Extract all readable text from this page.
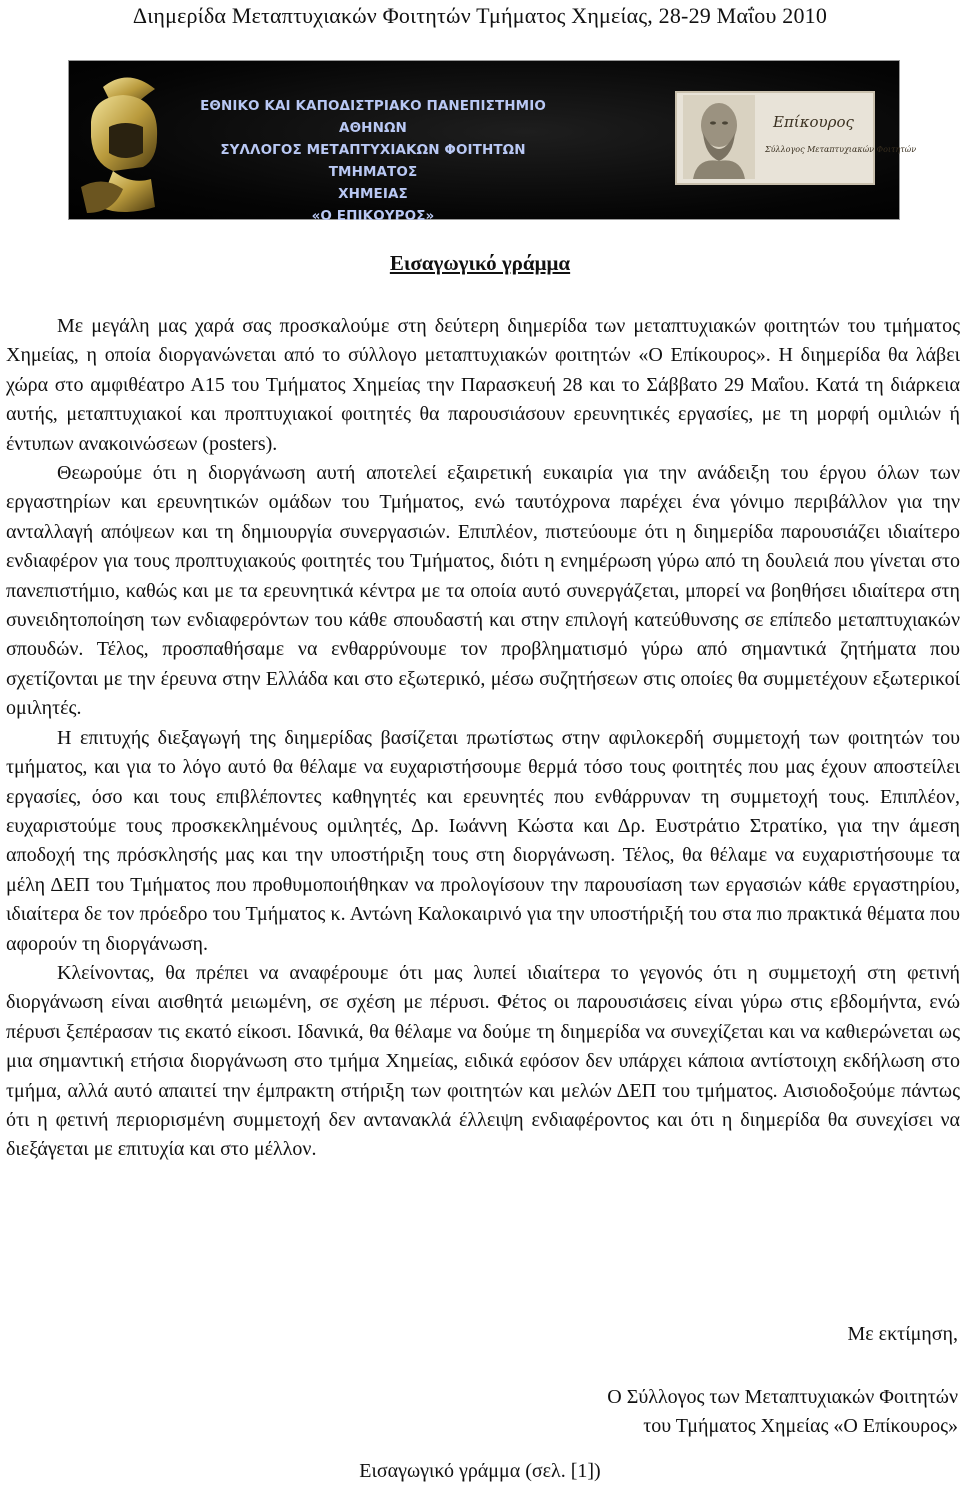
Διημερίδα Μεταπτυχιακών Φοιτητών Τμήματος Χημείας, 28-29 Μαΐου 2010
ΕΘΝΙΚΟ ΚΑΙ ΚΑΠΟΔΙΣΤΡΙΑΚΟ ΠΑΝΕΠΙΣΤΗΜΙΟ ΑΘΗΝΩΝ
ΣΥΛΛΟΓΟΣ ΜΕΤΑΠΤΥΧΙΑΚΩΝ ΦΟΙΤΗΤΩΝ ΤΜΗΜΑΤΟΣ
ΧΗΜΕΙΑΣ
«Ο ΕΠΙΚΟΥΡΟΣ»
Επίκουρος
Σύλλογος Μεταπτυχιακών Φοιτητών
Εισαγωγικό γράμμα

Με μεγάλη μας χαρά σας προσκαλούμε στη δεύτερη διημερίδα των μεταπτυχιακών φοιτητών του τμήματος Χημείας, η οποία διοργανώνεται από το σύλλογο μεταπτυχιακών φοιτητών «Ο Επίκουρος». Η διημερίδα θα λάβει χώρα στο αμφιθέατρο Α15 του Τμήματος Χημείας την Παρασκευή 28 και το Σάββατο 29 Μαΐου. Κατά τη διάρκεια αυτής, μεταπτυχιακοί και προπτυχιακοί φοιτητές θα παρουσιάσουν ερευνητικές εργασίες, με τη μορφή ομιλιών ή έντυπων ανακοινώσεων (posters).

Θεωρούμε ότι η διοργάνωση αυτή αποτελεί εξαιρετική ευκαιρία για την ανάδειξη του έργου όλων των εργαστηρίων και ερευνητικών ομάδων του Τμήματος, ενώ ταυτόχρονα παρέχει ένα γόνιμο περιβάλλον για την ανταλλαγή απόψεων και τη δημιουργία συνεργασιών. Επιπλέον, πιστεύουμε ότι η διημερίδα παρουσιάζει ιδιαίτερο ενδιαφέρον για τους προπτυχιακούς φοιτητές του Τμήματος, διότι η ενημέρωση γύρω από τη δουλειά που γίνεται στο πανεπιστήμιο, καθώς και με τα ερευνητικά κέντρα με τα οποία αυτό συνεργάζεται, μπορεί να βοηθήσει ιδιαίτερα στη συνειδητοποίηση των ενδιαφερόντων του κάθε σπουδαστή και στην επιλογή κατεύθυνσης σε επίπεδο μεταπτυχιακών σπουδών. Τέλος, προσπαθήσαμε να ενθαρρύνουμε τον προβληματισμό γύρω από σημαντικά ζητήματα που σχετίζονται με την έρευνα στην Ελλάδα και στο εξωτερικό, μέσω συζητήσεων στις οποίες θα συμμετέχουν εξωτερικοί ομιλητές.

Η επιτυχής διεξαγωγή της διημερίδας βασίζεται πρωτίστως στην αφιλοκερδή συμμετοχή των φοιτητών του τμήματος, και για το λόγο αυτό θα θέλαμε να ευχαριστήσουμε θερμά τόσο τους φοιτητές που μας έχουν αποστείλει εργασίες, όσο και τους επιβλέποντες καθηγητές και ερευνητές που ενθάρρυναν τη συμμετοχή τους. Επιπλέον, ευχαριστούμε τους προσκεκλημένους ομιλητές, Δρ. Ιωάννη Κώστα και Δρ. Ευστράτιο Στρατίκο, για την άμεση αποδοχή της πρόσκλησής μας και την υποστήριξη τους στη διοργάνωση. Τέλος, θα θέλαμε να ευχαριστήσουμε τα μέλη ΔΕΠ του Τμήματος που προθυμοποιήθηκαν να προλογίσουν την παρουσίαση των εργασιών κάθε εργαστηρίου, ιδιαίτερα δε τον πρόεδρο του Τμήματος κ. Αντώνη Καλοκαιρινό για την υποστήριξή του στα πιο πρακτικά θέματα που αφορούν τη διοργάνωση.

Κλείνοντας, θα πρέπει να αναφέρουμε ότι μας λυπεί ιδιαίτερα το γεγονός ότι η συμμετοχή στη φετινή διοργάνωση είναι αισθητά μειωμένη, σε σχέση με πέρυσι. Φέτος οι παρουσιάσεις είναι γύρω στις εβδομήντα, ενώ πέρυσι ξεπέρασαν τις εκατό είκοσι. Ιδανικά, θα θέλαμε να δούμε τη διημερίδα να συνεχίζεται και να καθιερώνεται ως μια σημαντική ετήσια διοργάνωση στο τμήμα Χημείας, ειδικά εφόσον δεν υπάρχει κάποια αντίστοιχη εκδήλωση στο τμήμα, αλλά αυτό απαιτεί την έμπρακτη στήριξη των φοιτητών και μελών ΔΕΠ του τμήματος. Αισιοδοξούμε πάντως ότι η φετινή περιορισμένη συμμετοχή δεν αντανακλά έλλειψη ενδιαφέροντος και ότι η διημερίδα θα συνεχίσει να διεξάγεται με επιτυχία και στο μέλλον.

Με εκτίμηση,
Ο Σύλλογος των Μεταπτυχιακών Φοιτητών
του Τμήματος Χημείας «Ο Επίκουρος»
Εισαγωγικό γράμμα (σελ. [1])
